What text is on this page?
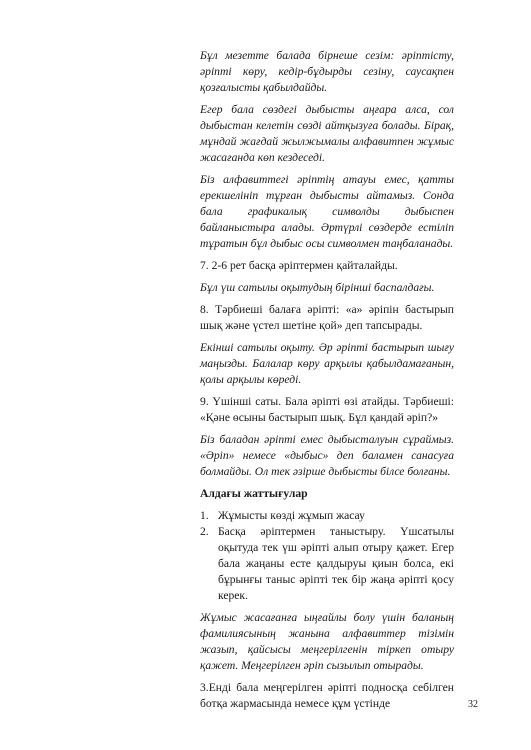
Бұл мезетте балада бірнеше сезім: әріптісту, әріпті көру, кедір-бұдырды сезіну, саусақпен қозғалысты қабылдайды.

Егер бала сөздегі дыбысты аңғара алса, сол дыбыстан келетін сөзді айтқызуға болады. Бірақ, мұндай жағдай жылжымалы алфавитпен жұмыс жасағанда көп кездеседі.

Біз алфавиттегі әріптің атауы емес, қатты ерекшелініп тұрған дыбысты айтамыз. Сонда бала графикалық символды дыбыспен байланыстыра алады. Әртүрлі сөздерде естіліп тұратын бұл дыбыс осы символмен таңбаланады.

7. 2-6 рет басқа әріптермен қайталайды.

Бұл үш сатылы оқытудың бірінші баспалдағы.

8. Тәрбиеші балаға әріпті: «а» әріпін бастырып шық және үстел шетіне қой» деп тапсырады.

Екінші сатылы оқыту. Әр әріпті бастырып шығу маңызды. Балалар көру арқылы қабылдамағанын, қолы арқылы көреді.

9. Үшінші саты. Бала әріпті өзі атайды. Тәрбиеші: «Қәне өсыны бастырып шық. Бұл қандай әріп?»

Біз баладан әріпті емес дыбысталуын сұраймыз. «Әріп» немесе «дыбыс» деп баламен санасуға болмайды. Ол тек әзірше дыбысты білсе болғаны.

Алдағы жаттығулар
1. Жұмысты көзді жұмып жасау
2. Басқа әріптермен таныстыру. Үшсатылы оқытуда тек үш әріпті алып отыру қажет. Егер бала жаңаны есте қалдыруы қиын болса, екі бұрынғы таныс әріпті тек бір жаңа әріпті қосу керек.

Жұмыс жасағанға ыңғайлы болу үшін баланың фамилиясының жанына алфавиттер тізімін жазып, қайсысы меңгерілгенін тіркеп отыру қажет. Меңгерілген әріп сызылып отырады.

3.Енді бала меңгерілген әріпті подносқа себілген ботқа жармасында немесе құм үстінде	32
